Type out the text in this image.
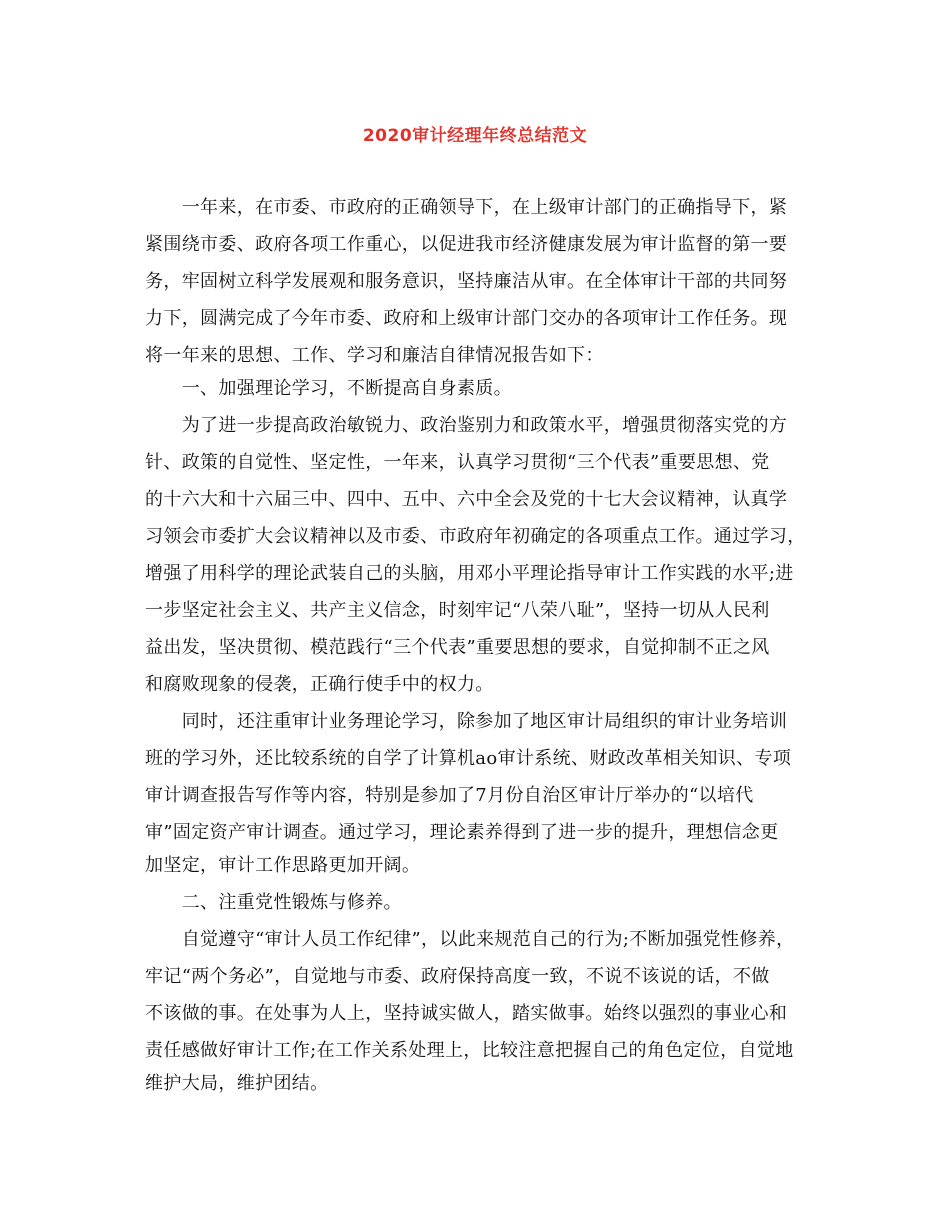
2020审计经理年终总结范文
　　一年来，在市委、市政府的正确领导下，在上级审计部门的正确指导下，紧
紧围绕市委、政府各项工作重心，以促进我市经济健康发展为审计监督的第一要
务，牢固树立科学发展观和服务意识，坚持廉洁从审。在全体审计干部的共同努
力下，圆满完成了今年市委、政府和上级审计部门交办的各项审计工作任务。现
将一年来的思想、工作、学习和廉洁自律情况报告如下：
　　一、加强理论学习，不断提高自身素质。
　　为了进一步提高政治敏锐力、政治鉴别力和政策水平，增强贯彻落实党的方
针、政策的自觉性、坚定性，一年来，认真学习贯彻“三个代表”重要思想、党
的十六大和十六届三中、四中、五中、六中全会及党的十七大会议精神，认真学
习领会市委扩大会议精神以及市委、市政府年初确定的各项重点工作。通过学习，
增强了用科学的理论武装自己的头脑，用邓小平理论指导审计工作实践的水平;进
一步坚定社会主义、共产主义信念，时刻牢记“八荣八耻”，坚持一切从人民利
益出发，坚决贯彻、模范践行“三个代表”重要思想的要求，自觉抑制不正之风
和腐败现象的侵袭，正确行使手中的权力。
　　同时，还注重审计业务理论学习，除参加了地区审计局组织的审计业务培训
班的学习外，还比较系统的自学了计算机ao审计系统、财政改革相关知识、专项
审计调查报告写作等内容，特别是参加了7月份自治区审计厅举办的“以培代
审”固定资产审计调查。通过学习，理论素养得到了进一步的提升，理想信念更
加坚定，审计工作思路更加开阔。
　　二、注重党性锻炼与修养。
　　自觉遵守“审计人员工作纪律”，以此来规范自己的行为;不断加强党性修养，
牢记“两个务必”，自觉地与市委、政府保持高度一致，不说不该说的话，不做
不该做的事。在处事为人上，坚持诚实做人，踏实做事。始终以强烈的事业心和
责任感做好审计工作;在工作关系处理上，比较注意把握自己的角色定位，自觉地
维护大局，维护团结。
